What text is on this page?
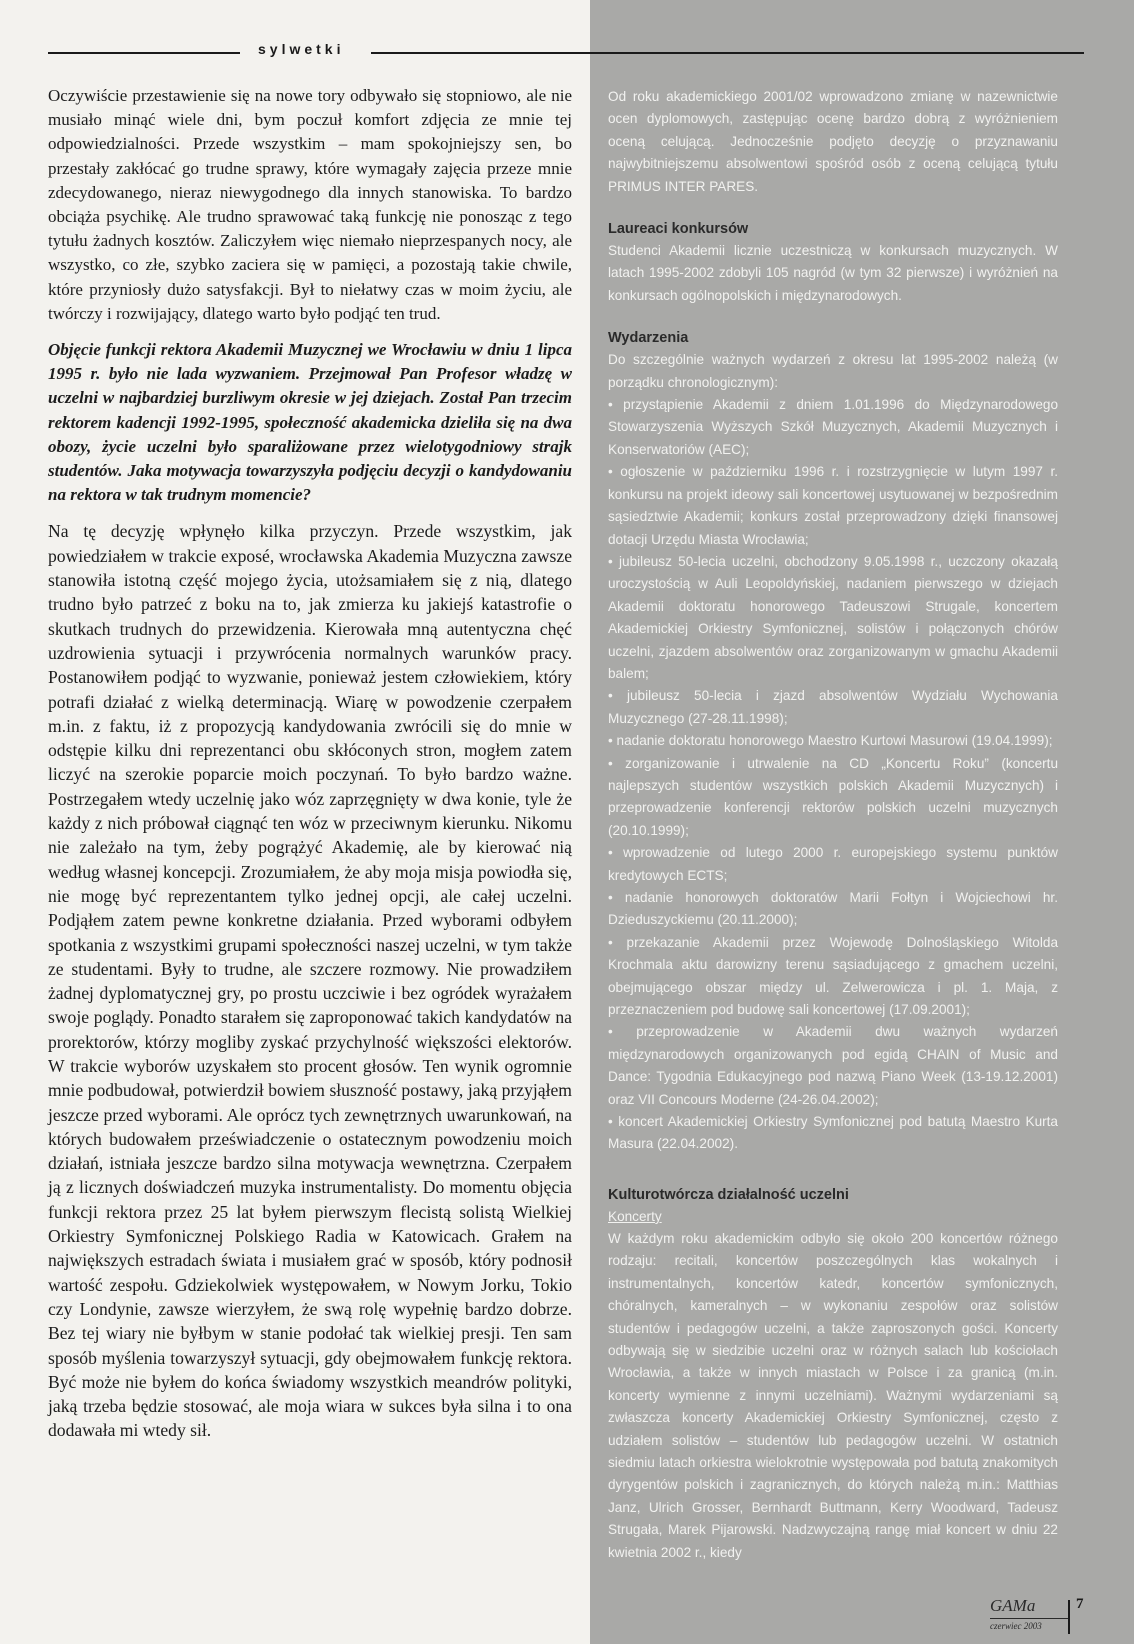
sylwetki

Oczywiście przestawienie się na nowe tory odbywało się stopniowo, ale nie musiało minąć wiele dni, bym poczuł komfort zdjęcia ze mnie tej odpowiedzialności. Przede wszystkim – mam spokojniejszy sen, bo przestały zakłócać go trudne sprawy, które wymagały zajęcia przeze mnie zdecydowanego, nieraz niewygodnego dla innych stanowiska. To bardzo obciąża psychikę. Ale trudno sprawować taką funkcję nie ponosząc z tego tytułu żadnych kosztów. Zaliczyłem więc niemało nieprzespanych nocy, ale wszystko, co złe, szybko zaciera się w pamięci, a pozostają takie chwile, które przyniosły dużo satysfakcji. Był to niełatwy czas w moim życiu, ale twórczy i rozwijający, dlatego warto było podjąć ten trud.

Objęcie funkcji rektora Akademii Muzycznej we Wrocławiu w dniu 1 lipca 1995 r. było nie lada wyzwaniem. Przejmował Pan Profesor władzę w uczelni w najbardziej burzliwym okresie w jej dziejach. Został Pan trzecim rektorem kadencji 1992-1995, społeczność akademicka dzieliła się na dwa obozy, życie uczelni było sparaliżowane przez wielotygodniowy strajk studentów. Jaka motywacja towarzyszyła podjęciu decyzji o kandydowaniu na rektora w tak trudnym momencie?

Na tę decyzję wpłynęło kilka przyczyn. Przede wszystkim, jak powiedziałem w trakcie exposé, wrocławska Akademia Muzyczna zawsze stanowiła istotną część mojego życia, utożsamiałem się z nią, dlatego trudno było patrzeć z boku na to, jak zmierza ku jakiejś katastrofie o skutkach trudnych do przewidzenia. Kierowała mną autentyczna chęć uzdrowienia sytuacji i przywrócenia normalnych warunków pracy. Postanowiłem podjąć to wyzwanie, ponieważ jestem człowiekiem, który potrafi działać z wielką determinacją. Wiarę w powodzenie czerpałem m.in. z faktu, iż z propozycją kandydowania zwrócili się do mnie w odstępie kilku dni reprezentanci obu skłóconych stron, mogłem zatem liczyć na szerokie poparcie moich poczynań. To było bardzo ważne. Postrzegałem wtedy uczelnię jako wóz zaprzęgnięty w dwa konie, tyle że każdy z nich próbował ciągnąć ten wóz w przeciwnym kierunku. Nikomu nie zależało na tym, żeby pogrążyć Akademię, ale by kierować nią według własnej koncepcji. Zrozumiałem, że aby moja misja powiodła się, nie mogę być reprezentantem tylko jednej opcji, ale całej uczelni. Podjąłem zatem pewne konkretne działania. Przed wyborami odbyłem spotkania z wszystkimi grupami społeczności naszej uczelni, w tym także ze studentami. Były to trudne, ale szczere rozmowy. Nie prowadziłem żadnej dyplomatycznej gry, po prostu uczciwie i bez ogródek wyrażałem swoje poglądy. Ponadto starałem się zaproponować takich kandydatów na prorektorów, którzy mogliby zyskać przychylność większości elektorów. W trakcie wyborów uzyskałem sto procent głosów. Ten wynik ogromnie mnie podbudował, potwierdził bowiem słuszność postawy, jaką przyjąłem jeszcze przed wyborami. Ale oprócz tych zewnętrznych uwarunkowań, na których budowałem przeświadczenie o ostatecznym powodzeniu moich działań, istniała jeszcze bardzo silna motywacja wewnętrzna. Czerpałem ją z licznych doświadczeń muzyka instrumentalisty. Do momentu objęcia funkcji rektora przez 25 lat byłem pierwszym flecistą solistą Wielkiej Orkiestry Symfonicznej Polskiego Radia w Katowicach. Grałem na największych estradach świata i musiałem grać w sposób, który podnosił wartość zespołu. Gdziekolwiek występowałem, w Nowym Jorku, Tokio czy Londynie, zawsze wierzyłem, że swą rolę wypełnię bardzo dobrze. Bez tej wiary nie byłbym w stanie podołać tak wielkiej presji. Ten sam sposób myślenia towarzyszył sytuacji, gdy obejmowałem funkcję rektora. Być może nie byłem do końca świadomy wszystkich meandrów polityki, jaką trzeba będzie stosować, ale moja wiara w sukces była silna i to ona dodawała mi wtedy sił.

Od roku akademickiego 2001/02 wprowadzono zmianę w nazewnictwie ocen dyplomowych, zastępując ocenę bardzo dobrą z wyróżnieniem oceną celującą. Jednocześnie podjęto decyzję o przyznawaniu najwybitniejszemu absolwentowi spośród osób z oceną celującą tytułu PRIMUS INTER PARES.

Laureaci konkursów

Studenci Akademii licznie uczestniczą w konkursach muzycznych. W latach 1995-2002 zdobyli 105 nagród (w tym 32 pierwsze) i wyróżnień na konkursach ogólnopolskich i międzynarodowych.

Wydarzenia

Do szczególnie ważnych wydarzeń z okresu lat 1995-2002 należą (w porządku chronologicznym):

• przystąpienie Akademii z dniem 1.01.1996 do Międzynarodowego Stowarzyszenia Wyższych Szkół Muzycznych, Akademii Muzycznych i Konserwatoriów (AEC);

• ogłoszenie w październiku 1996 r. i rozstrzygnięcie w lutym 1997 r. konkursu na projekt ideowy sali koncertowej usytuowanej w bezpośrednim sąsiedztwie Akademii; konkurs został przeprowadzony dzięki finansowej dotacji Urzędu Miasta Wrocławia;

• jubileusz 50-lecia uczelni, obchodzony 9.05.1998 r., uczczony okazałą uroczystością w Auli Leopoldyńskiej, nadaniem pierwszego w dziejach Akademii doktoratu honorowego Tadeuszowi Strugale, koncertem Akademickiej Orkiestry Symfonicznej, solistów i połączonych chórów uczelni, zjazdem absolwentów oraz zorganizowanym w gmachu Akademii balem;

• jubileusz 50-lecia i zjazd absolwentów Wydziału Wychowania Muzycznego (27-28.11.1998);

• nadanie doktoratu honorowego Maestro Kurtowi Masurowi (19.04.1999);

• zorganizowanie i utrwalenie na CD „Koncertu Roku” (koncertu najlepszych studentów wszystkich polskich Akademii Muzycznych) i przeprowadzenie konferencji rektorów polskich uczelni muzycznych (20.10.1999);

• wprowadzenie od lutego 2000 r. europejskiego systemu punktów kredytowych ECTS;

• nadanie honorowych doktoratów Marii Fołtyn i Wojciechowi hr. Dzieduszyckiemu (20.11.2000);

• przekazanie Akademii przez Wojewodę Dolnośląskiego Witolda Krochmala aktu darowizny terenu sąsiadującego z gmachem uczelni, obejmującego obszar między ul. Zelwerowicza i pl. 1. Maja, z przeznaczeniem pod budowę sali koncertowej (17.09.2001);

• przeprowadzenie w Akademii dwu ważnych wydarzeń międzynarodowych organizowanych pod egidą CHAIN of Music and Dance: Tygodnia Edukacyjnego pod nazwą Piano Week (13-19.12.2001) oraz VII Concours Moderne (24-26.04.2002);

• koncert Akademickiej Orkiestry Symfonicznej pod batutą Maestro Kurta Masura (22.04.2002).

Kulturotwórcza działalność uczelni
Koncerty

W każdym roku akademickim odbyło się około 200 koncertów różnego rodzaju: recitali, koncertów poszczególnych klas wokalnych i instrumentalnych, koncertów katedr, koncertów symfonicznych, chóralnych, kameralnych – w wykonaniu zespołów oraz solistów studentów i pedagogów uczelni, a także zaproszonych gości. Koncerty odbywają się w siedzibie uczelni oraz w różnych salach lub kościołach Wrocławia, a także w innych miastach w Polsce i za granicą (m.in. koncerty wymienne z innymi uczelniami). Ważnymi wydarzeniami są zwłaszcza koncerty Akademickiej Orkiestry Symfonicznej, często z udziałem solistów – studentów lub pedagogów uczelni. W ostatnich siedmiu latach orkiestra wielokrotnie występowała pod batutą znakomitych dyrygentów polskich i zagranicznych, do których należą m.in.: Matthias Janz, Ulrich Grosser, Bernhardt Buttmann, Kerry Woodward, Tadeusz Strugała, Marek Pijarowski. Nadzwyczajną rangę miał koncert w dniu 22 kwietnia 2002 r., kiedy

GAMa
czerwiec 2003
7
